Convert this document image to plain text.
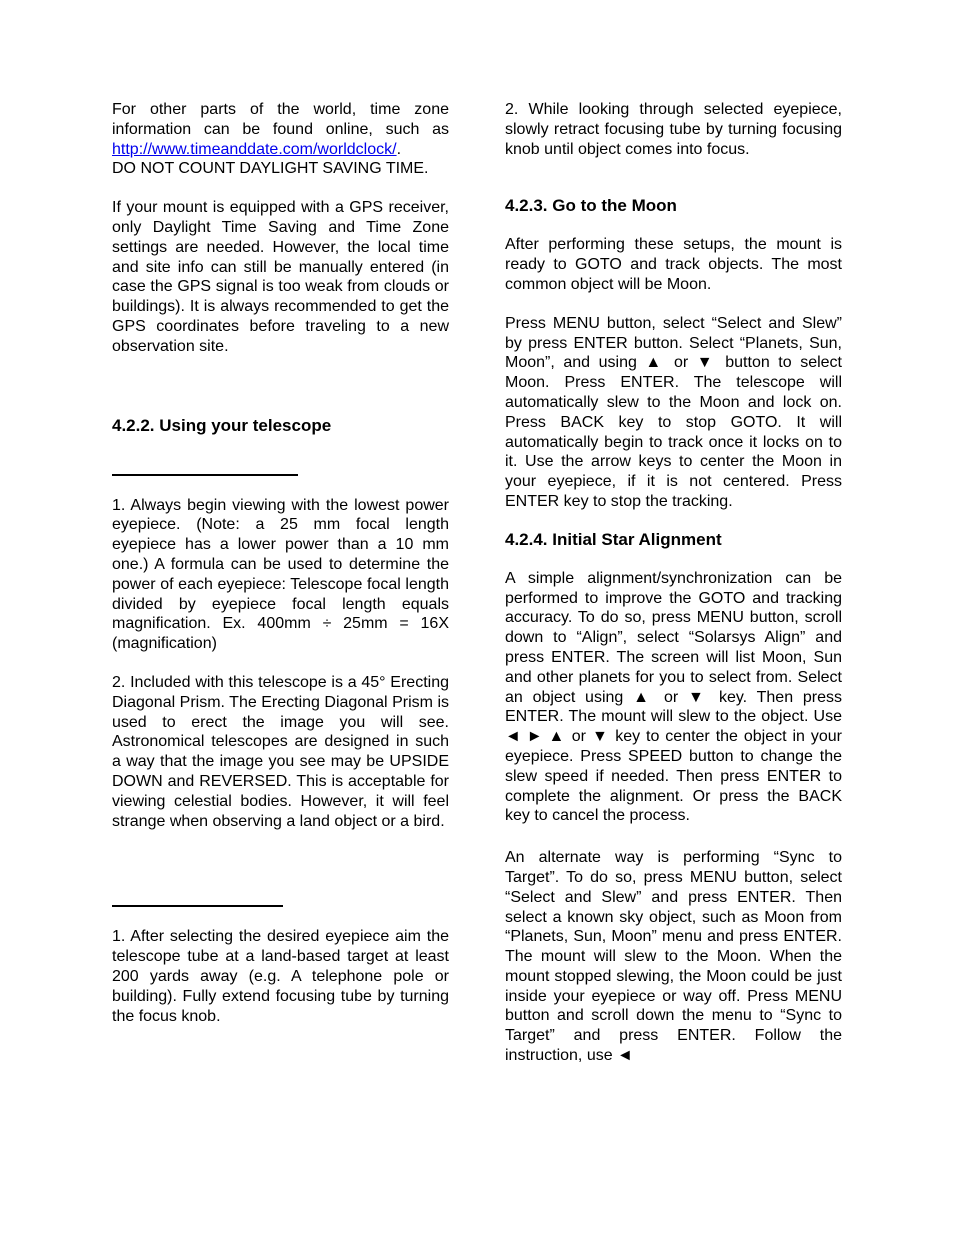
For other parts of the world, time zone information can be found online, such as http://www.timeanddate.com/worldclock/.

DO NOT COUNT DAYLIGHT SAVING TIME.

If your mount is equipped with a GPS receiver, only Daylight Time Saving and Time Zone settings are needed. However, the local time and site info can still be manually entered (in case the GPS signal is too weak from clouds or buildings). It is always recommended to get the GPS coordinates before traveling to a new observation site.

4.2.2. Using your telescope

1. Always begin viewing with the lowest power eyepiece. (Note: a 25 mm focal length eyepiece has a lower power than a 10 mm one.) A formula can be used to determine the power of each eyepiece: Telescope focal length divided by eyepiece focal length equals magnification. Ex. 400mm ÷ 25mm = 16X (magnification)

2. Included with this telescope is a 45° Erecting Diagonal Prism. The Erecting Diagonal Prism is used to erect the image you will see. Astronomical telescopes are designed in such a way that the image you see may be UPSIDE DOWN and REVERSED. This is acceptable for viewing celestial bodies. However, it will feel strange when observing a land object or a bird.

1. After selecting the desired eyepiece aim the telescope tube at a land-based target at least 200 yards away (e.g. A telephone pole or building). Fully extend focusing tube by turning the focus knob.

2. While looking through selected eyepiece, slowly retract focusing tube by turning focusing knob until object comes into focus.

4.2.3. Go to the Moon

After performing these setups, the mount is ready to GOTO and track objects. The most common object will be Moon.

Press MENU button, select “Select and Slew” by press ENTER button. Select “Planets, Sun, Moon”, and using ▲ or ▼ button to select Moon. Press ENTER. The telescope will automatically slew to the Moon and lock on. Press BACK key to stop GOTO. It will automatically begin to track once it locks on to it. Use the arrow keys to center the Moon in your eyepiece, if it is not centered. Press ENTER key to stop the tracking.

4.2.4. Initial Star Alignment

A simple alignment/synchronization can be performed to improve the GOTO and tracking accuracy. To do so, press MENU button, scroll down to “Align”, select “Solarsys Align” and press ENTER. The screen will list Moon, Sun and other planets for you to select from. Select an object using ▲ or ▼ key. Then press ENTER. The mount will slew to the object. Use ◄ ► ▲ or ▼ key to center the object in your eyepiece. Press SPEED button to change the slew speed if needed. Then press ENTER to complete the alignment. Or press the BACK key to cancel the process.

An alternate way is performing “Sync to Target”. To do so, press MENU button, select “Select and Slew” and press ENTER. Then select a known sky object, such as Moon from “Planets, Sun, Moon” menu and press ENTER. The mount will slew to the Moon. When the mount stopped slewing, the Moon could be just inside your eyepiece or way off. Press MENU button and scroll down the menu to “Sync to Target” and press ENTER. Follow the instruction, use ◄
